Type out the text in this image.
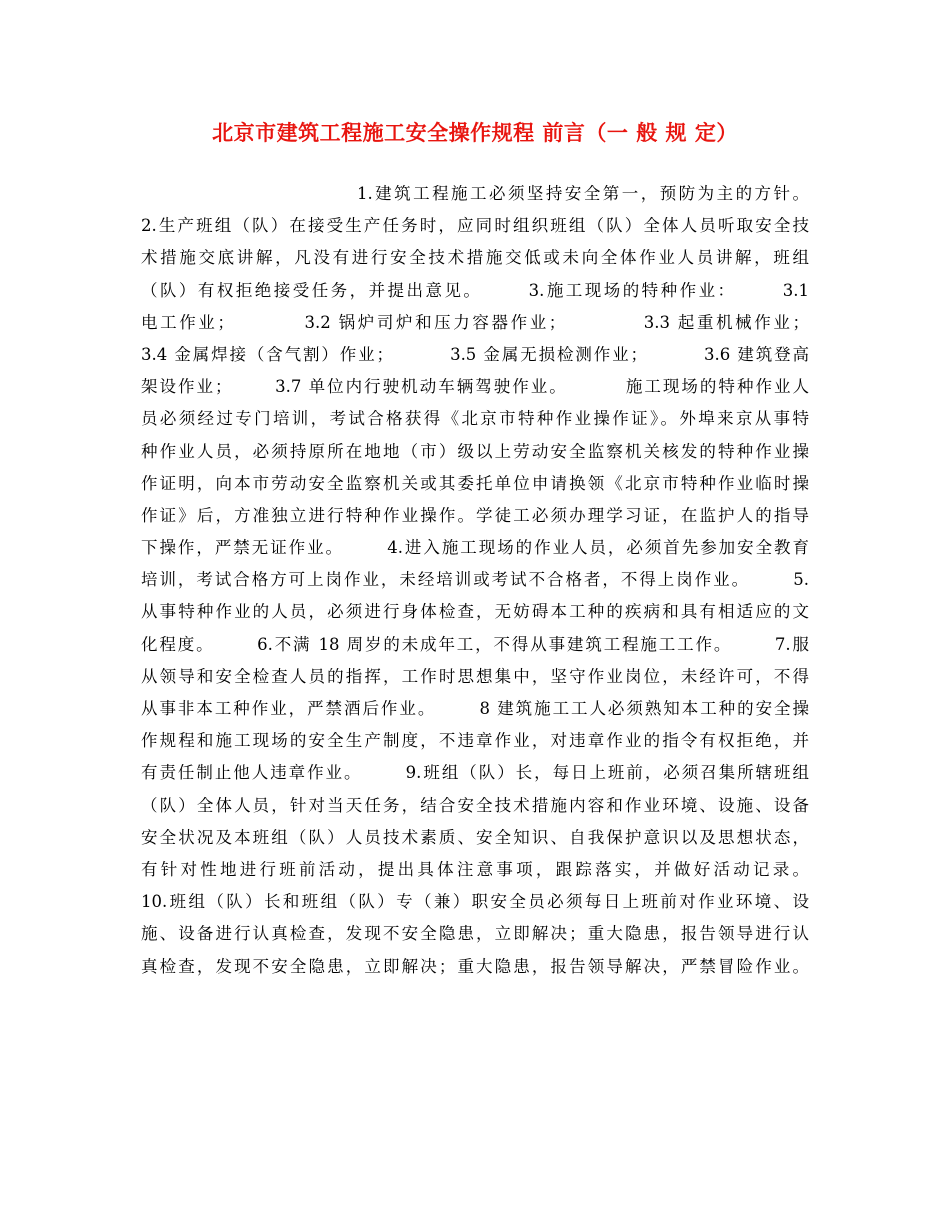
北京市建筑工程施工安全操作规程 前言（一 般 规 定）
1.建筑工程施工必须坚持安全第一，预防为主的方针。
2.生产班组（队）在接受生产任务时，应同时组织班组（队）全体人员听取安全技
术措施交底讲解，凡没有进行安全技术措施交低或未向全体作业人员讲解，班组
（队）有权拒绝接受任务，并提出意见。      3.施工现场的特种作业：      3.1
电工作业；         3.2 锅炉司炉和压力容器作业；          3.3 起重机械作业；
3.4 金属焊接（含气割）作业；        3.5 金属无损检测作业；        3.6 建筑登高
架设作业；      3.7 单位内行驶机动车辆驾驶作业。        施工现场的特种作业人
员必须经过专门培训，考试合格获得《北京市特种作业操作证》。外埠来京从事特
种作业人员，必须持原所在地地（市）级以上劳动安全监察机关核发的特种作业操
作证明，向本市劳动安全监察机关或其委托单位申请换领《北京市特种作业临时操
作证》后，方准独立进行特种作业操作。学徒工必须办理学习证，在监护人的指导
下操作，严禁无证作业。      4.进入施工现场的作业人员，必须首先参加安全教育
培训，考试合格方可上岗作业，未经培训或考试不合格者，不得上岗作业。      5.
从事特种作业的人员，必须进行身体检查，无妨碍本工种的疾病和具有相适应的文
化程度。      6.不满 18 周岁的未成年工，不得从事建筑工程施工工作。      7.服
从领导和安全检查人员的指挥，工作时思想集中，坚守作业岗位，未经许可，不得
从事非本工种作业，严禁酒后作业。      8 建筑施工工人必须熟知本工种的安全操
作规程和施工现场的安全生产制度，不违章作业，对违章作业的指令有权拒绝，并
有责任制止他人违章作业。      9.班组（队）长，每日上班前，必须召集所辖班组
（队）全体人员，针对当天任务，结合安全技术措施内容和作业环境、设施、设备
安全状况及本班组（队）人员技术素质、安全知识、自我保护意识以及思想状态，
有针对性地进行班前活动，提出具体注意事项，跟踪落实，并做好活动记录。
10.班组（队）长和班组（队）专（兼）职安全员必须每日上班前对作业环境、设
施、设备进行认真检查，发现不安全隐患，立即解决；重大隐患，报告领导进行认
真检查，发现不安全隐患，立即解决；重大隐患，报告领导解决，严禁冒险作业。
